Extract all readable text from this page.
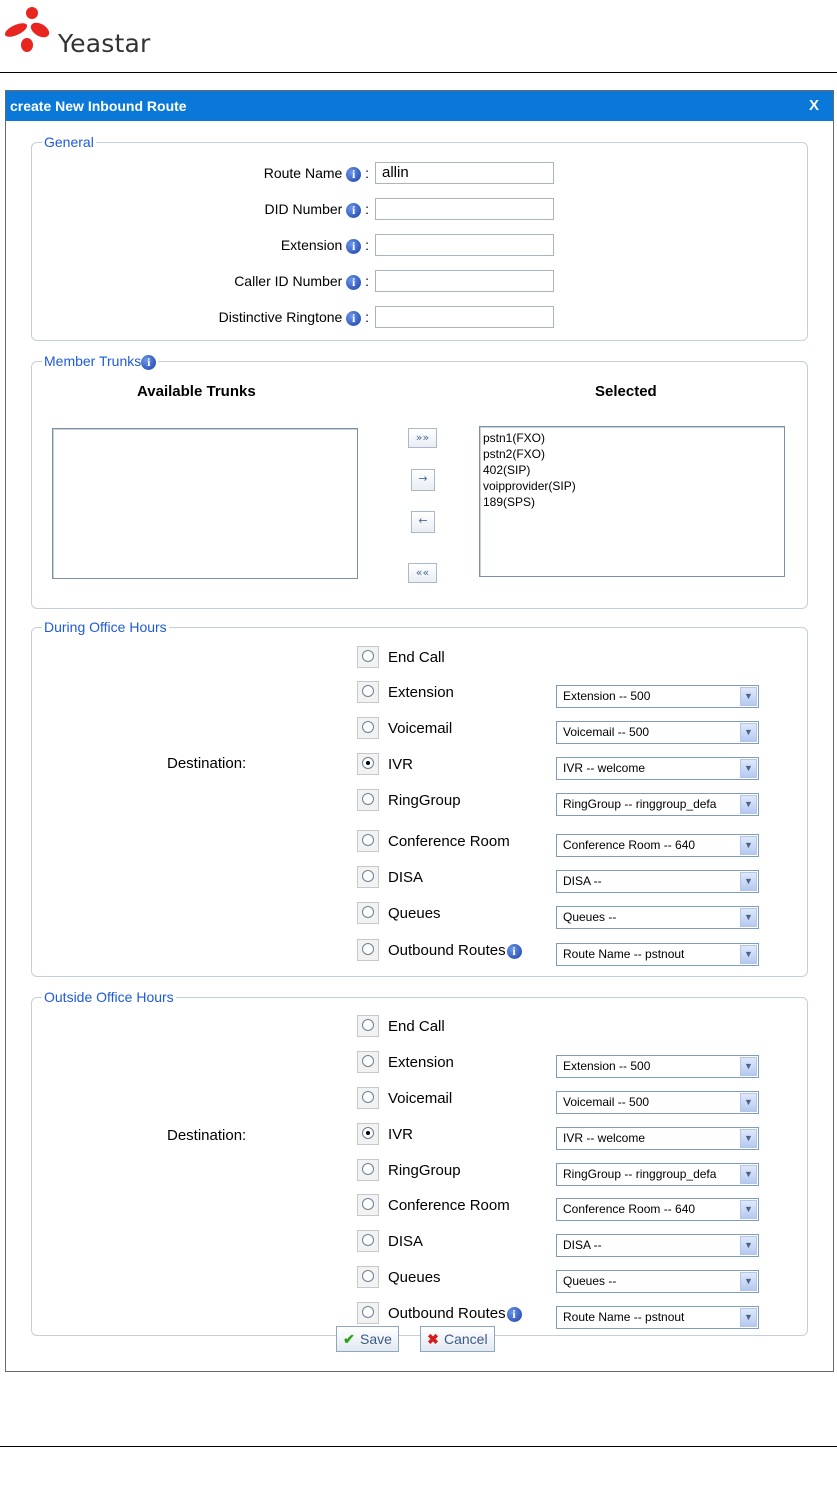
Yeastar
create New Inbound Route	X
General
Route Name i : allin
DID Number i :
Extension i :
Caller ID Number i :
Distinctive Ringtone i :
Member Trunks i
Available Trunks	Selected
pstn1(FXO)
pstn2(FXO)
402(SIP)
voipprovider(SIP)
189(SPS)
»»
→
←
««
During Office Hours
Destination:
End Call
Extension	Extension -- 500	▼
Voicemail	Voicemail -- 500	▼
IVR	IVR -- welcome	▼
RingGroup	RingGroup -- ringgroup_defa	▼
Conference Room	Conference Room -- 640	▼
DISA	DISA --	▼
Queues	Queues --	▼
Outbound Routes i	Route Name -- pstnout	▼
Outside Office Hours
Destination:
End Call
Extension	Extension -- 500	▼
Voicemail	Voicemail -- 500	▼
IVR	IVR -- welcome	▼
RingGroup	RingGroup -- ringgroup_defa	▼
Conference Room	Conference Room -- 640	▼
DISA	DISA --	▼
Queues	Queues --	▼
Outbound Routes i	Route Name -- pstnout	▼
✔ Save	✖ Cancel
